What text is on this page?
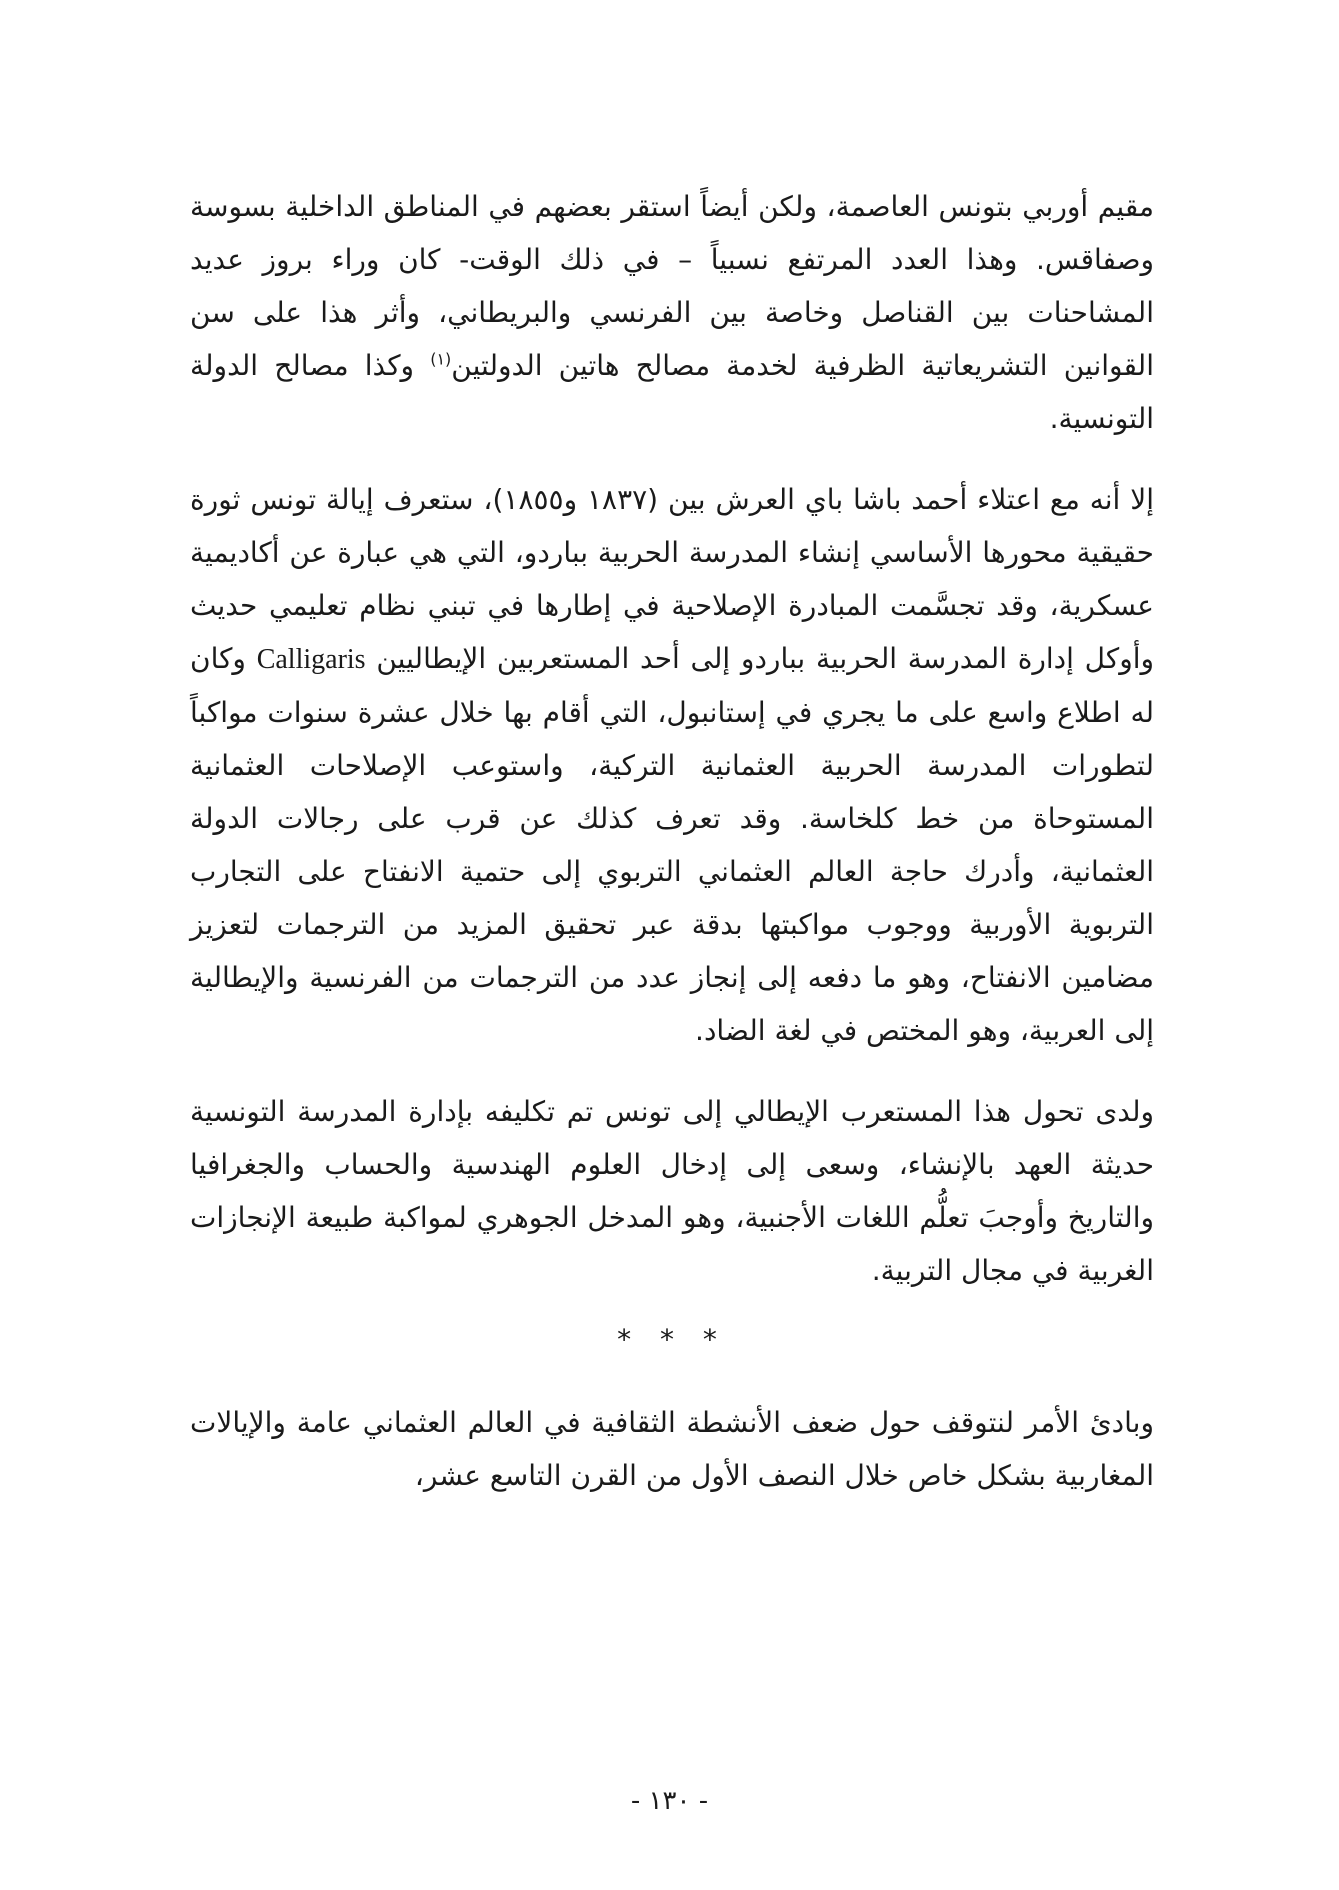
مقيم أوربي بتونس العاصمة، ولكن أيضاً استقر بعضهم في المناطق الداخلية بسوسة وصفاقس. وهذا العدد المرتفع نسبياً – في ذلك الوقت- كان وراء بروز عديد المشاحنات بين القناصل وخاصة بين الفرنسي والبريطاني، وأثر هذا على سن القوانين التشريعاتية الظرفية لخدمة مصالح هاتين الدولتين$^{(١)}$ وكذا مصالح الدولة التونسية.

إلا أنه مع اعتلاء أحمد باشا باي العرش بين (١٨٣٧ و١٨٥٥)، ستعرف إيالة تونس ثورة حقيقية محورها الأساسي إنشاء المدرسة الحربية بباردو، التي هي عبارة عن أكاديمية عسكرية، وقد تجسَّمت المبادرة الإصلاحية في إطارها في تبني نظام تعليمي حديث وأوكل إدارة المدرسة الحربية بباردو إلى أحد المستعربين الإيطاليين Calligaris وكان له اطلاع واسع على ما يجري في إستانبول، التي أقام بها خلال عشرة سنوات مواكباً لتطورات المدرسة الحربية العثمانية التركية، واستوعب الإصلاحات العثمانية المستوحاة من خط كلخاسة. وقد تعرف كذلك عن قرب على رجالات الدولة العثمانية، وأدرك حاجة العالم العثماني التربوي إلى حتمية الانفتاح على التجارب التربوية الأوربية ووجوب مواكبتها بدقة عبر تحقيق المزيد من الترجمات لتعزيز مضامين الانفتاح، وهو ما دفعه إلى إنجاز عدد من الترجمات من الفرنسية والإيطالية إلى العربية، وهو المختص في لغة الضاد.

ولدى تحول هذا المستعرب الإيطالي إلى تونس تم تكليفه بإدارة المدرسة التونسية حديثة العهد بالإنشاء، وسعى إلى إدخال العلوم الهندسية والحساب والجغرافيا والتاريخ وأوجبَ تعلُّم اللغات الأجنبية، وهو المدخل الجوهري لمواكبة طبيعة الإنجازات الغربية في مجال التربية.

* * *

وبادئ الأمر لنتوقف حول ضعف الأنشطة الثقافية في العالم العثماني عامة والإيالات المغاربية بشكل خاص خلال النصف الأول من القرن التاسع عشر،

- ١٣٠ -
